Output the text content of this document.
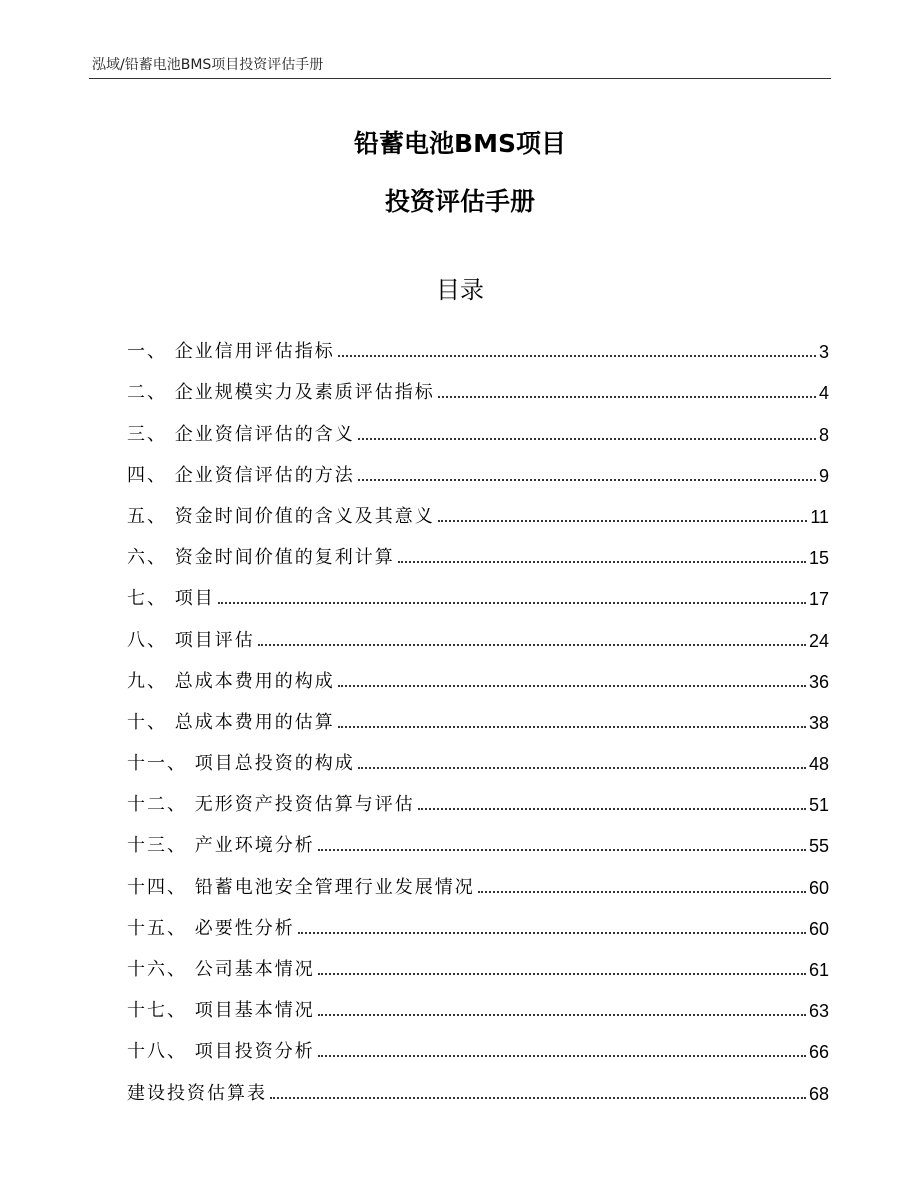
泓域/铅蓄电池BMS项目投资评估手册
铅蓄电池BMS项目
投资评估手册
目录
一、 企业信用评估指标	3
二、 企业规模实力及素质评估指标	4
三、 企业资信评估的含义	8
四、 企业资信评估的方法	9
五、 资金时间价值的含义及其意义	11
六、 资金时间价值的复利计算	15
七、 项目	17
八、 项目评估	24
九、 总成本费用的构成	36
十、 总成本费用的估算	38
十一、 项目总投资的构成	48
十二、 无形资产投资估算与评估	51
十三、 产业环境分析	55
十四、 铅蓄电池安全管理行业发展情况	60
十五、 必要性分析	60
十六、 公司基本情况	61
十七、 项目基本情况	63
十八、 项目投资分析	66
建设投资估算表	68
